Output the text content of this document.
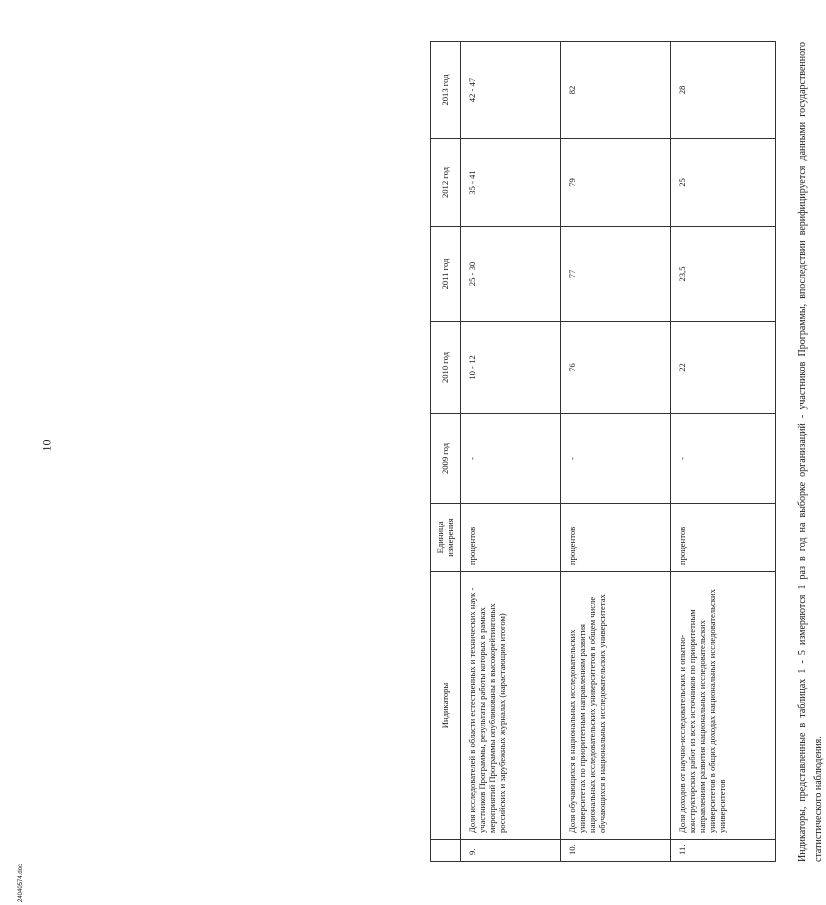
10
	Индикаторы	Единица измерения	2009 год	2010 год	2011 год	2012 год	2013 год
9.	Доля исследователей в области естественных и технических наук - участников Программы, результаты работы которых в рамках мероприятий Программы опубликованы в высокорейтинговых российских и зарубежных журналах (нарастающим итогом)	процентов	-	10 - 12	25 - 30	35 - 41	42 - 47
10.	Доля обучающихся в национальных исследовательских университетах по приоритетным направлениям развития национальных исследовательских университетов в общем числе обучающихся в национальных исследовательских университетах	процентов	-	76	77	79	82
11.	Доля доходов от научно-исследовательских и опытно-конструкторских работ из всех источников по приоритетным направлениям развития национальных исследовательских университетов в общих доходах национальных исследовательских университетов	процентов	-	22	23,5	25	28	Индикаторы, представленные в таблицах 1 - 5 измеряются 1 раз в год на выборке организаций - участников Программы, впоследствии верифицируется данными государственного статистического наблюдения.

24040574.doc
